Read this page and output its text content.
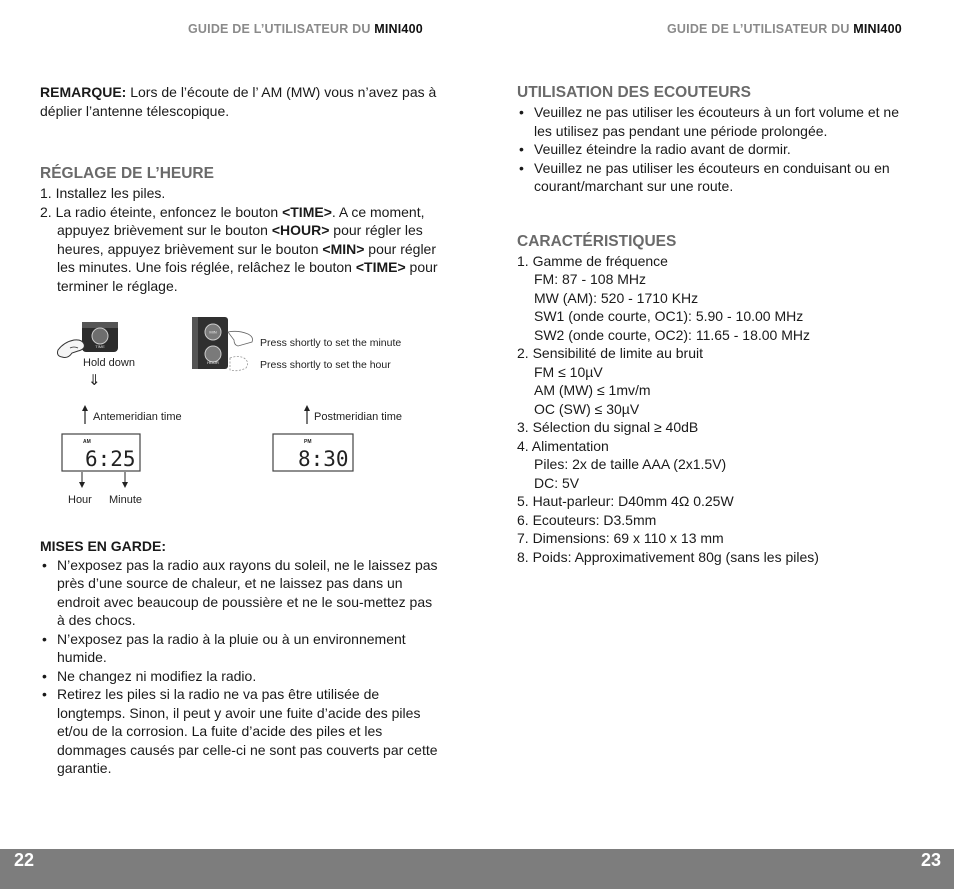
GUIDE DE L’UTILISATEUR DU MINI400	GUIDE DE L’UTILISATEUR DU MINI400

REMARQUE: Lors de l’écoute de l’ AM (MW) vous n’avez pas à déplier l’antenne télescopique.

RÉGLAGE DE L’HEURE

1. Installez les piles.

2. La radio éteinte, enfoncez le bouton <TIME>. A ce moment, appuyez brièvement sur le bouton <HOUR> pour régler les heures, appuyez brièvement sur le bouton <MIN> pour régler les minutes. Une fois réglée, relâchez le bouton <TIME> pour terminer le réglage.

MISES EN GARDE:

• N’exposez pas la radio aux rayons du soleil, ne le laissez pas près d’une source de chaleur, et ne laissez pas dans un endroit avec beaucoup de poussière et ne le sou-mettez pas à des chocs.

• N’exposez pas la radio à la pluie ou à un environnement humide.

• Ne changez ni modifiez la radio.

• Retirez les piles si la radio ne va pas être utilisée de longtemps. Sinon, il peut y avoir une fuite d’acide des piles et/ou de la corrosion. La fuite d’acide des piles et les dommages causés par celle-ci ne sont pas couverts par cette garantie.

TIME
Hold down
⇓
MIN
HOUR
Press shortly to set the minute
Press shortly to set the hour
Antemeridian time
AM
6:25
Hour Minute
Postmeridian time
PM
8:30

UTILISATION DES ECOUTEURS

• Veuillez ne pas utiliser les écouteurs à un fort volume et ne les utilisez pas pendant une période prolongée.

• Veuillez éteindre la radio avant de dormir.

• Veuillez ne pas utiliser les écouteurs en conduisant ou en courant/marchant sur une route.

CARACTÉRISTIQUES

1. Gamme de fréquence

FM: 87 - 108 MHz

MW (AM): 520 - 1710 KHz

SW1 (onde courte, OC1): 5.90 - 10.00 MHz

SW2 (onde courte, OC2): 11.65 - 18.00 MHz

2. Sensibilité de limite au bruit

FM ≤ 10µV

AM (MW) ≤ 1mv/m

OC (SW) ≤ 30µV

3. Sélection du signal ≥ 40dB

4. Alimentation

Piles: 2x de taille AAA (2x1.5V)

DC: 5V

5. Haut-parleur: D40mm 4Ω 0.25W

6. Ecouteurs: D3.5mm

7. Dimensions: 69 x 110 x 13 mm

8. Poids: Approximativement 80g (sans les piles)

22	23
